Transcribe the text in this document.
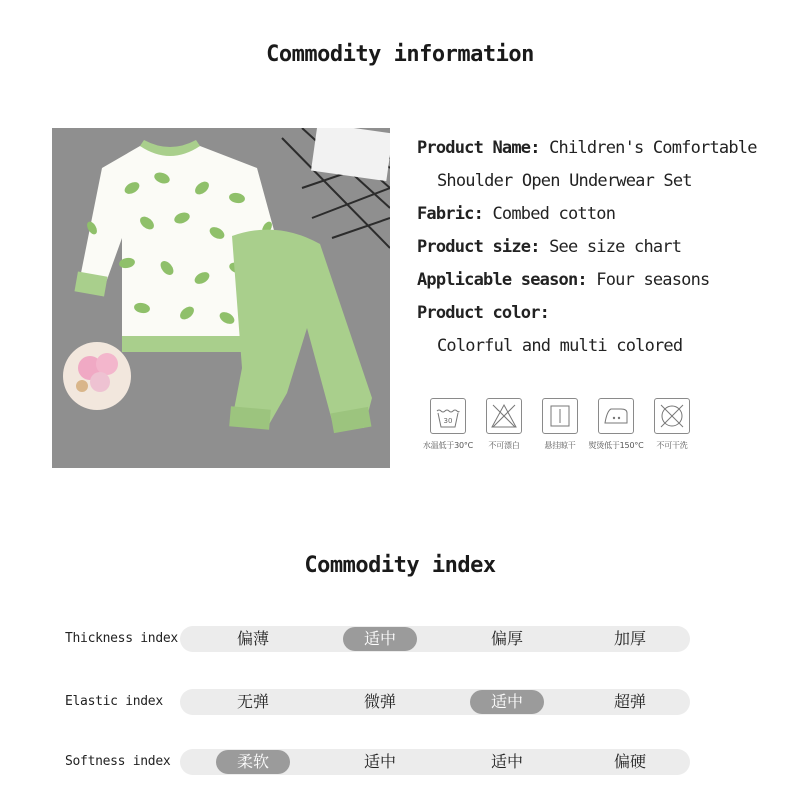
Commodity information
Product Name: Children's Comfortable
Shoulder Open Underwear Set
Fabric: Combed cotton
Product size: See size chart
Applicable season: Four seasons
Product color:
Colorful and multi colored
30
水温低于30°C	不可漂白	悬挂晾干	熨烫低于150°C	不可干洗
Commodity index
Thickness index	偏薄	适中	偏厚	加厚
Elastic index	无弹	微弹	适中	超弹
Softness index	柔软	适中	适中	偏硬
